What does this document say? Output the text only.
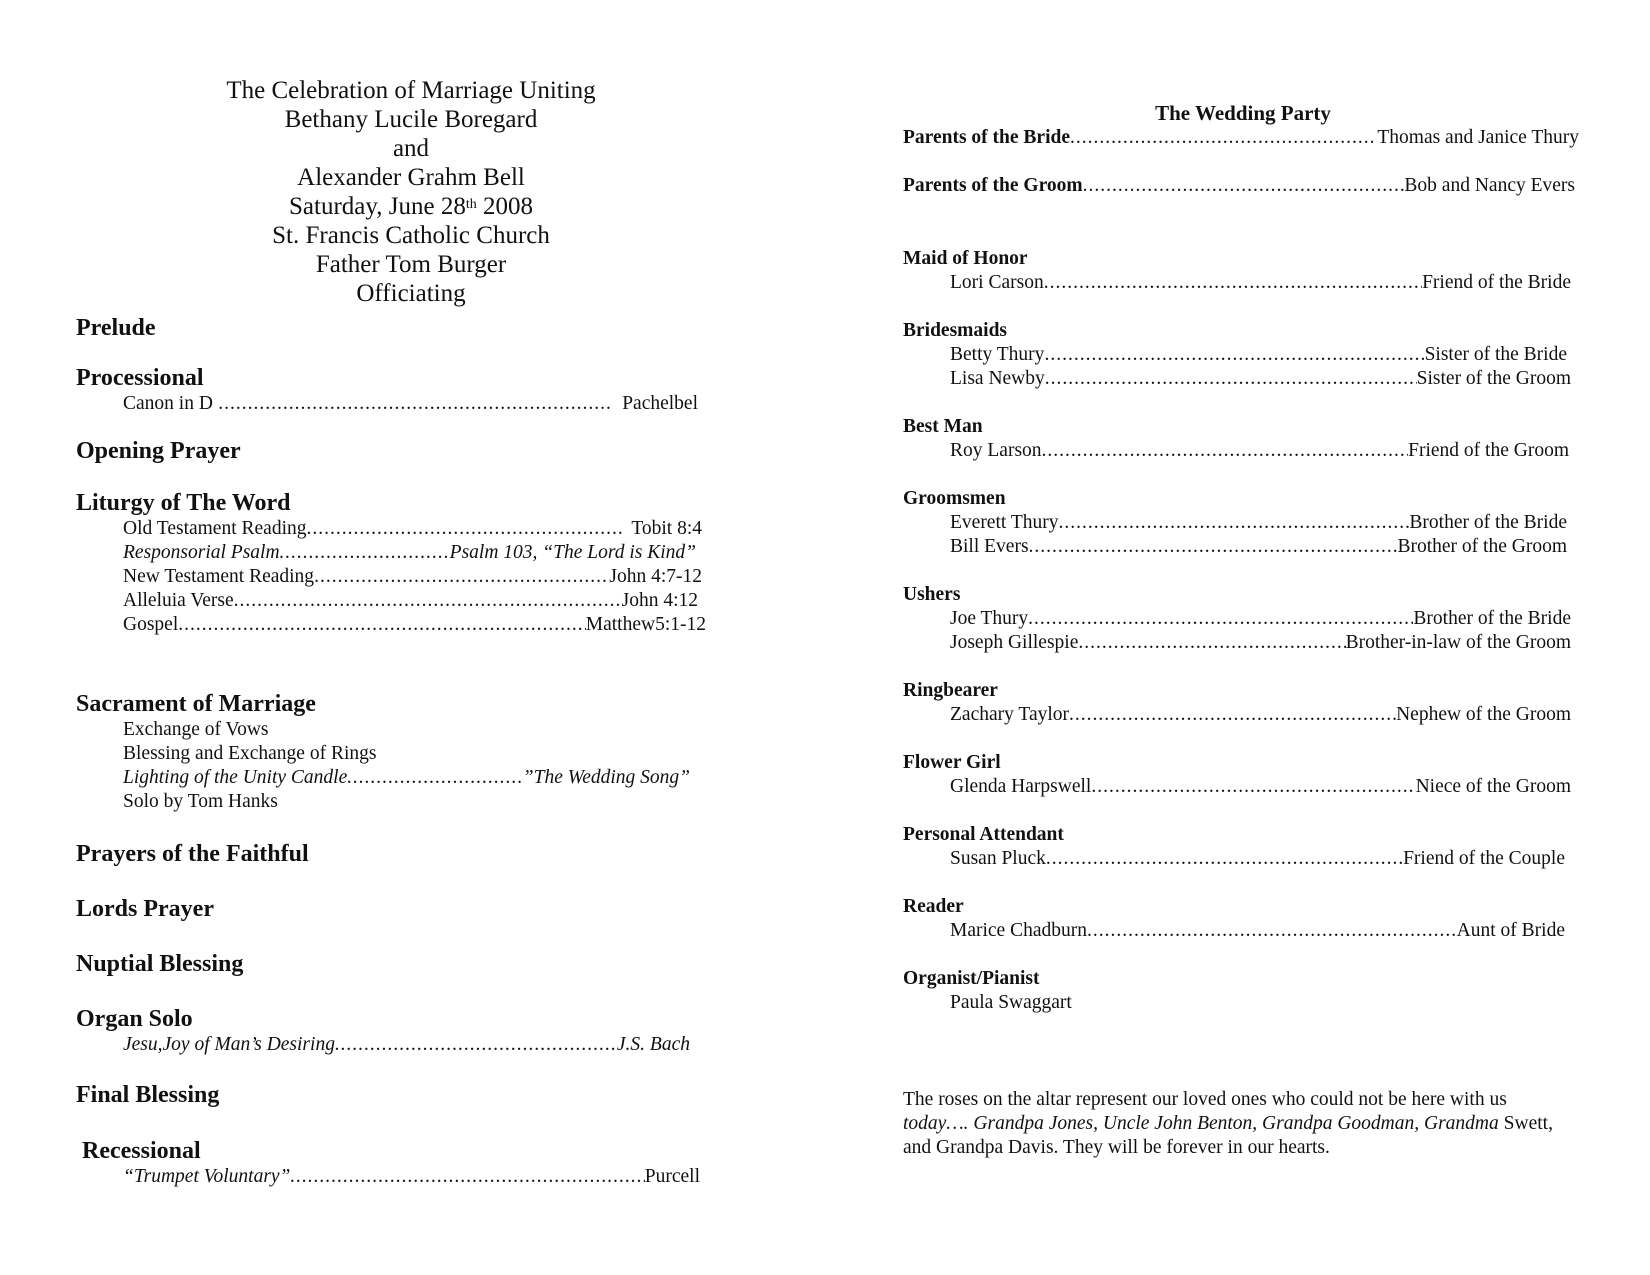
The Celebration of Marriage Uniting
Bethany Lucile Boregard
and
Alexander Grahm Bell
Saturday, June 28th 2008
St. Francis Catholic Church
Father Tom Burger
Officiating
Prelude
Processional
Canon in D .....	Pachelbel
Opening Prayer
Liturgy of The Word
Old Testament Reading .....	Tobit 8:4
Responsorial Psalm .....	Psalm 103, “The Lord is Kind”
New Testament Reading .....	John 4:7-12
Alleluia Verse .....	John 4:12
Gospel .....	Matthew5:1-12
Sacrament of Marriage
Exchange of Vows
Blessing and Exchange of Rings
Lighting of the Unity Candle .....	”The Wedding Song”
Solo by Tom Hanks
Prayers of the Faithful
Lords Prayer
Nuptial Blessing
Organ Solo
Jesu,Joy of Man’s Desiring .....	J.S. Bach
Final Blessing
Recessional
“Trumpet Voluntary” .....	Purcell
The Wedding Party
Parents of the Bride .....	Thomas and Janice Thury
Parents of the Groom .....	Bob and Nancy Evers
Maid of Honor
Lori Carson .....	Friend of the Bride
Bridesmaids
Betty Thury .....	Sister of the Bride
Lisa Newby .....	Sister of the Groom
Best Man
Roy Larson .....	Friend of the Groom
Groomsmen
Everett Thury .....	Brother of the Bride
Bill Evers .....	Brother of the Groom
Ushers
Joe Thury .....	Brother of the Bride
Joseph Gillespie .....	Brother-in-law of the Groom
Ringbearer
Zachary Taylor .....	Nephew of the Groom
Flower Girl
Glenda Harpswell .....	Niece of the Groom
Personal Attendant
Susan Pluck .....	Friend of the Couple
Reader
Marice Chadburn .....	Aunt of Bride
Organist/Pianist
Paula Swaggart
The roses on the altar represent our loved ones who could not be here with us today…. Grandpa Jones, Uncle John Benton, Grandpa Goodman, Grandma Swett, and Grandpa Davis. They will be forever in our hearts.
